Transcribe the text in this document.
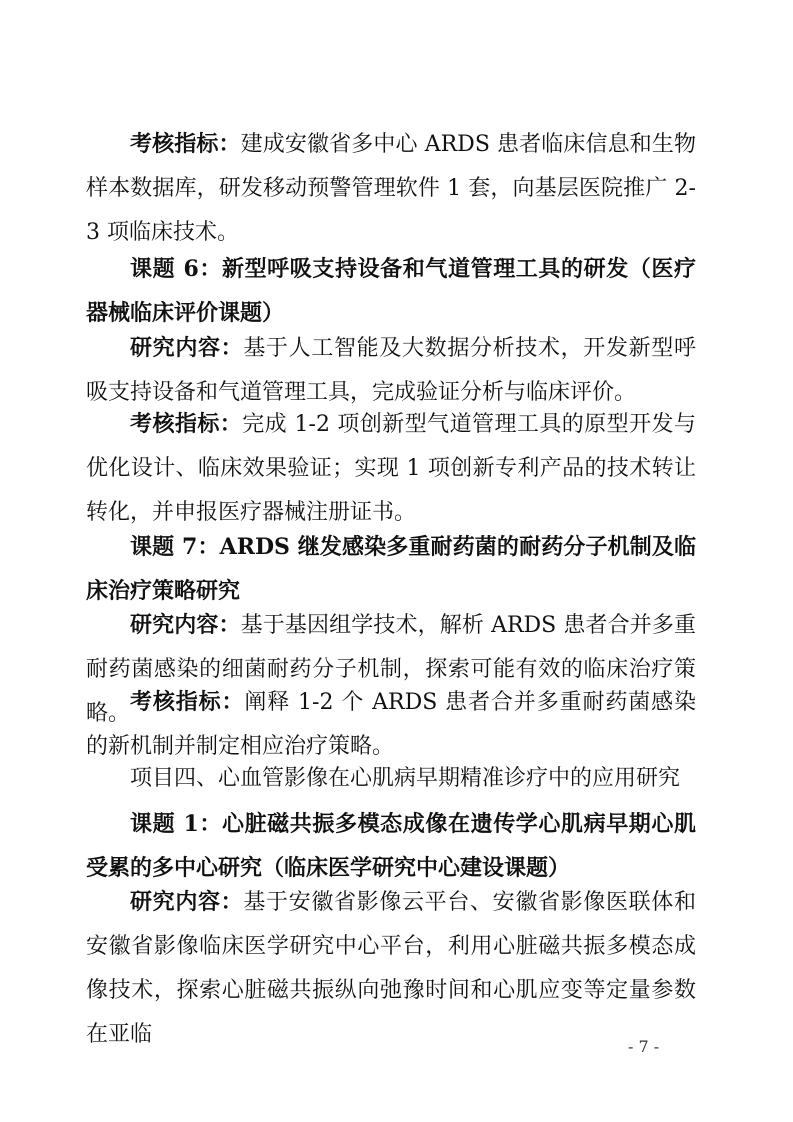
考核指标：建成安徽省多中心 ARDS 患者临床信息和生物样本数据库，研发移动预警管理软件 1 套，向基层医院推广 2-3 项临床技术。

课题 6：新型呼吸支持设备和气道管理工具的研发（医疗器械临床评价课题）

研究内容：基于人工智能及大数据分析技术，开发新型呼吸支持设备和气道管理工具，完成验证分析与临床评价。

考核指标：完成 1-2 项创新型气道管理工具的原型开发与优化设计、临床效果验证；实现 1 项创新专利产品的技术转让转化，并申报医疗器械注册证书。

课题 7：ARDS 继发感染多重耐药菌的耐药分子机制及临床治疗策略研究

研究内容：基于基因组学技术，解析 ARDS 患者合并多重耐药菌感染的细菌耐药分子机制，探索可能有效的临床治疗策略。 考核指标：阐释 1-2 个 ARDS 患者合并多重耐药菌感染的新机制并制定相应治疗策略。

项目四、心血管影像在心肌病早期精准诊疗中的应用研究

课题 1：心脏磁共振多模态成像在遗传学心肌病早期心肌受累的多中心研究（临床医学研究中心建设课题）

研究内容：基于安徽省影像云平台、安徽省影像医联体和安徽省影像临床医学研究中心平台，利用心脏磁共振多模态成像技术，探索心脏磁共振纵向弛豫时间和心肌应变等定量参数在亚临	- 7 -
